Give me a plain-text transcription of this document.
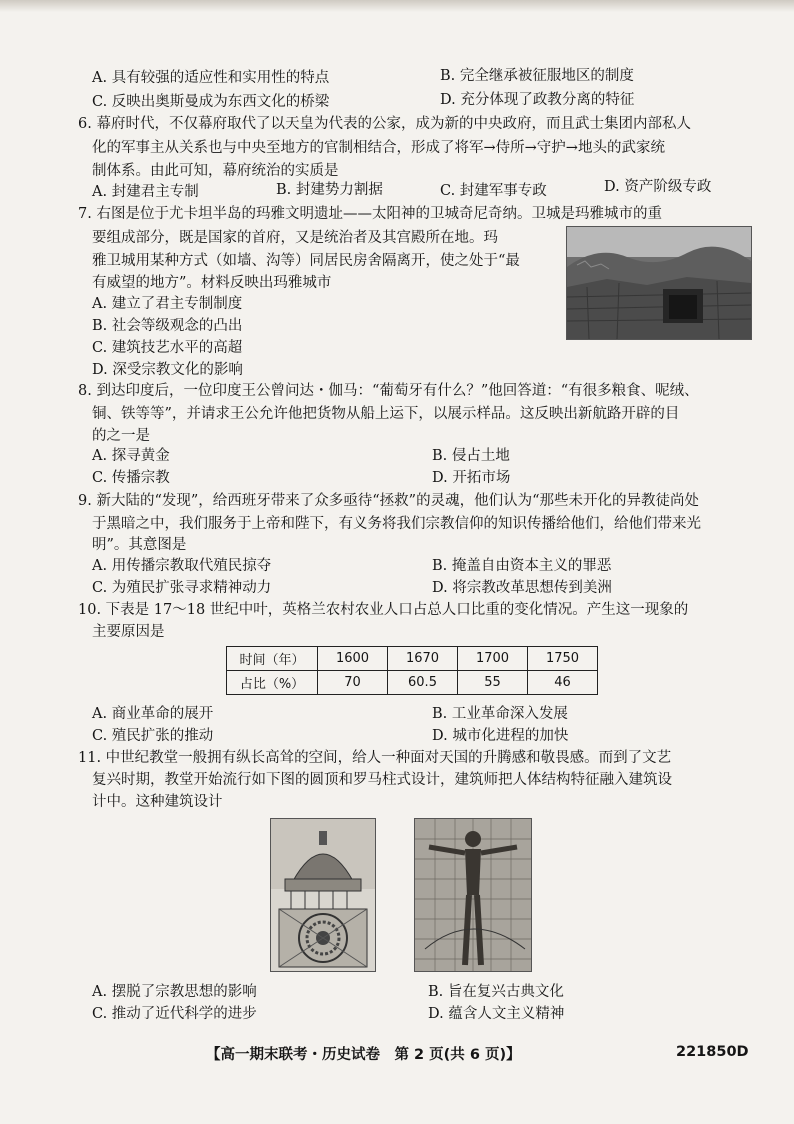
A. 具有较强的适应性和实用性的特点	B. 完全继承被征服地区的制度
C. 反映出奥斯曼成为东西文化的桥梁	D. 充分体现了政教分离的特征
6. 幕府时代，不仅幕府取代了以天皇为代表的公家，成为新的中央政府，而且武士集团内部私人
化的军事主从关系也与中央至地方的官制相结合，形成了将军→侍所→守护→地头的武家统
制体系。由此可知，幕府统治的实质是
A. 封建君主专制	B. 封建势力割据	C. 封建军事专政	D. 资产阶级专政
7. 右图是位于尤卡坦半岛的玛雅文明遗址——太阳神的卫城奇尼奇纳。卫城是玛雅城市的重
要组成部分，既是国家的首府，又是统治者及其宫殿所在地。玛
雅卫城用某种方式（如墙、沟等）同居民房舍隔离开，使之处于“最
有威望的地方”。材料反映出玛雅城市
A. 建立了君主专制制度
B. 社会等级观念的凸出
C. 建筑技艺水平的高超
D. 深受宗教文化的影响
8. 到达印度后，一位印度王公曾问达・伽马：“葡萄牙有什么？”他回答道：“有很多粮食、呢绒、
铜、铁等等”，并请求王公允许他把货物从船上运下，以展示样品。这反映出新航路开辟的目
的之一是
A. 探寻黄金	B. 侵占土地
C. 传播宗教	D. 开拓市场
9. 新大陆的“发现”，给西班牙带来了众多亟待“拯救”的灵魂，他们认为“那些未开化的异教徒尚处
于黑暗之中，我们服务于上帝和陛下，有义务将我们宗教信仰的知识传播给他们，给他们带来光
明”。其意图是
A. 用传播宗教取代殖民掠夺	B. 掩盖自由资本主义的罪恶
C. 为殖民扩张寻求精神动力	D. 将宗教改革思想传到美洲
10. 下表是 17～18 世纪中叶，英格兰农村农业人口占总人口比重的变化情况。产生这一现象的
主要原因是
时间（年）	1600	1670	1700	1750
占比（%）	70	60.5	55	46
A. 商业革命的展开	B. 工业革命深入发展
C. 殖民扩张的推动	D. 城市化进程的加快
11. 中世纪教堂一般拥有纵长高耸的空间，给人一种面对天国的升腾感和敬畏感。而到了文艺
复兴时期，教堂开始流行如下图的圆顶和罗马柱式设计，建筑师把人体结构特征融入建筑设
计中。这种建筑设计
A. 摆脱了宗教思想的影响	B. 旨在复兴古典文化
C. 推动了近代科学的进步	D. 蕴含人文主义精神
【高一期末联考・历史试卷　第 2 页(共 6 页)】	221850D
